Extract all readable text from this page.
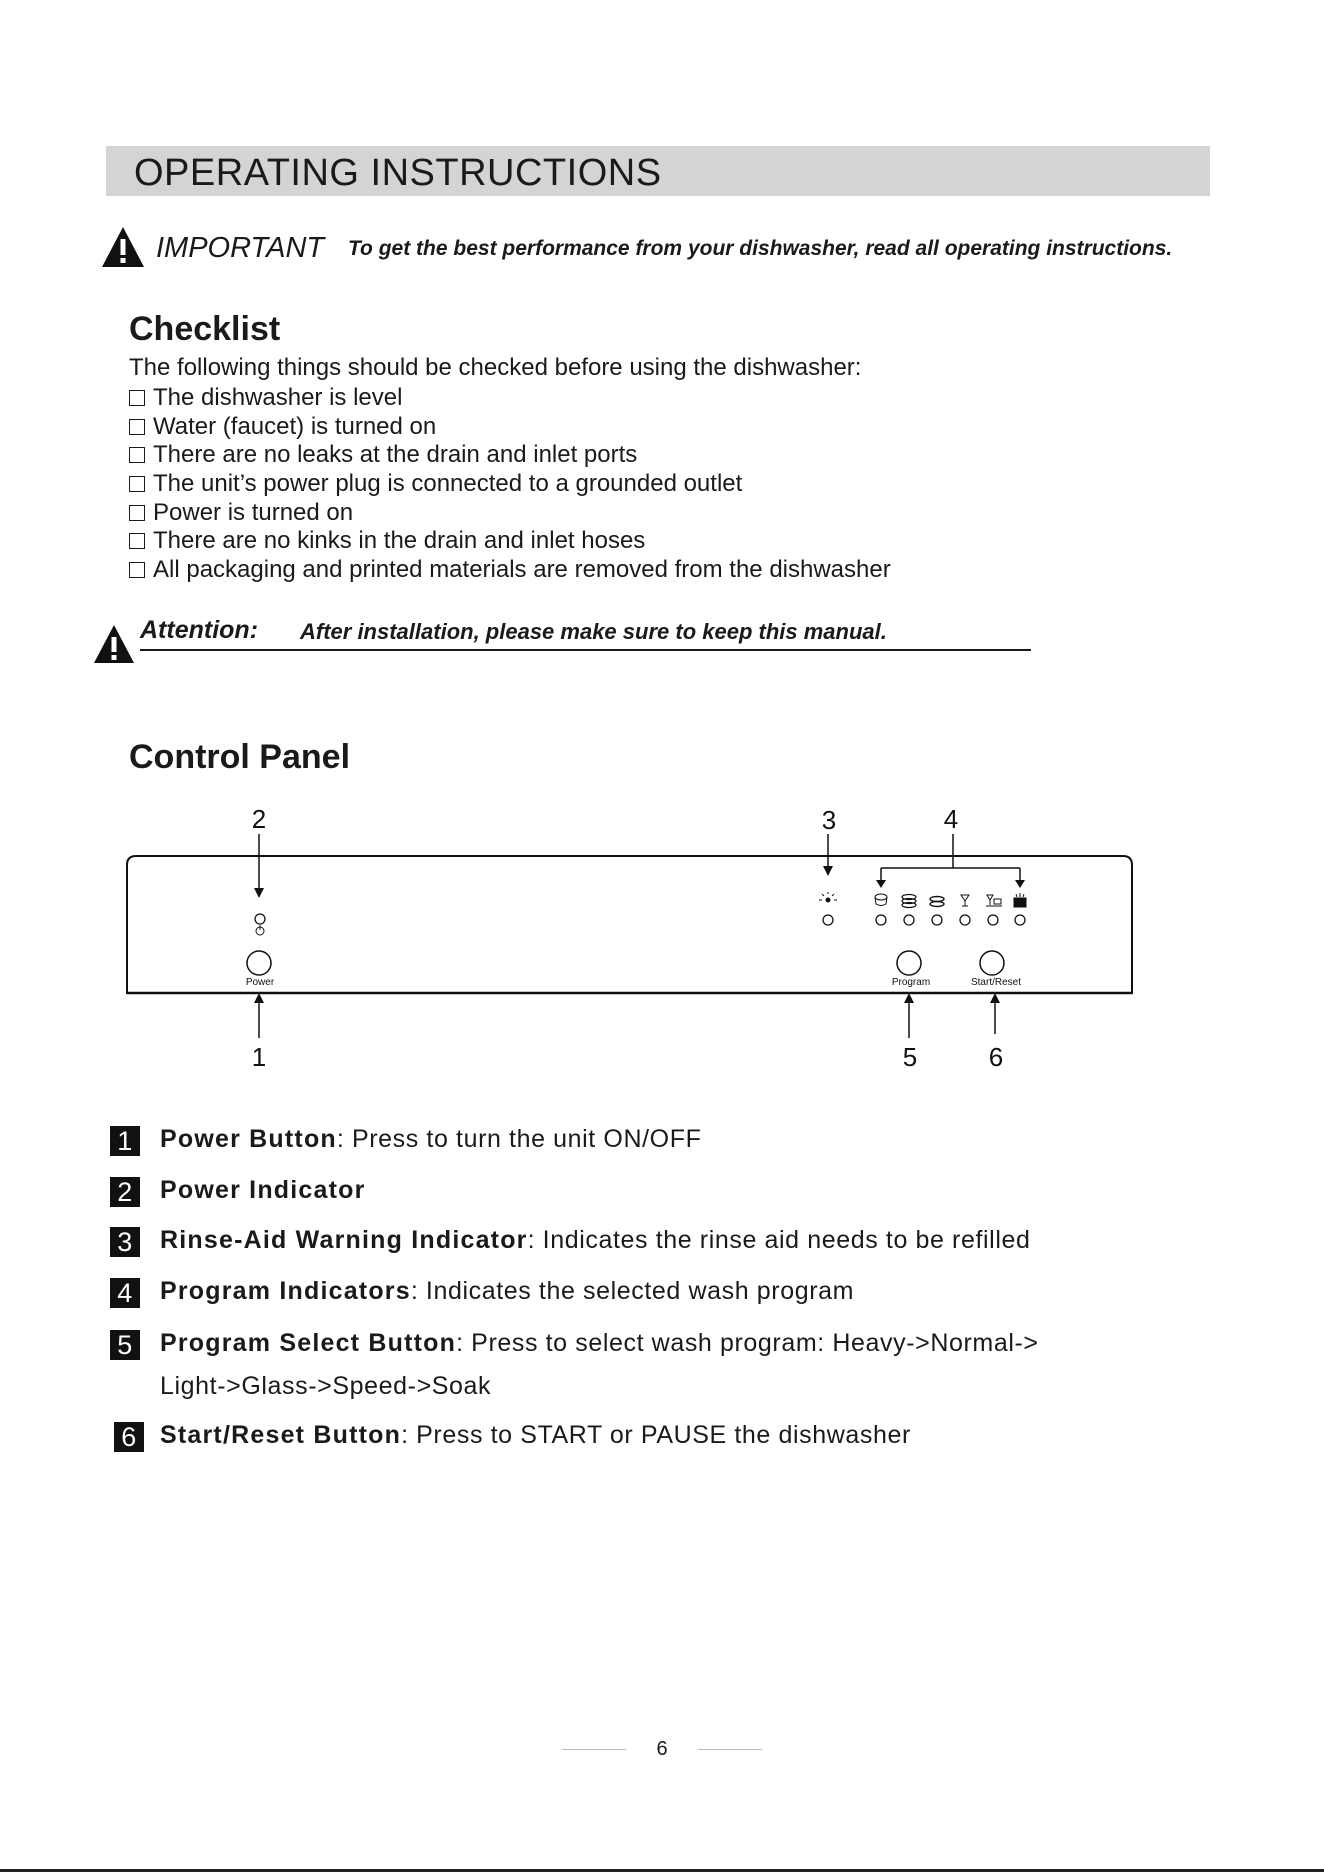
OPERATING INSTRUCTIONS
IMPORTANT To get the best performance from your dishwasher, read all operating instructions.
Checklist
The following things should be checked before using the dishwasher:
The dishwasher is level
Water (faucet) is turned on
There are no leaks at the drain and inlet ports
The unit’s power plug is connected to a grounded outlet
Power is turned on
There are no kinks in the drain and inlet hoses
All packaging and printed materials are removed from the dishwasher
Attention: After installation, please make sure to keep this manual.
Control Panel
2
Power
1
3	4
Program	Start/Reset
5	6
1 Power Button: Press to turn the unit ON/OFF
2 Power Indicator
3 Rinse-Aid Warning Indicator: Indicates the rinse aid needs to be refilled
4 Program Indicators: Indicates the selected wash program
5 Program Select Button: Press to select wash program: Heavy->Normal->
Light->Glass->Speed->Soak
6 Start/Reset Button: Press to START or PAUSE the dishwasher
6
